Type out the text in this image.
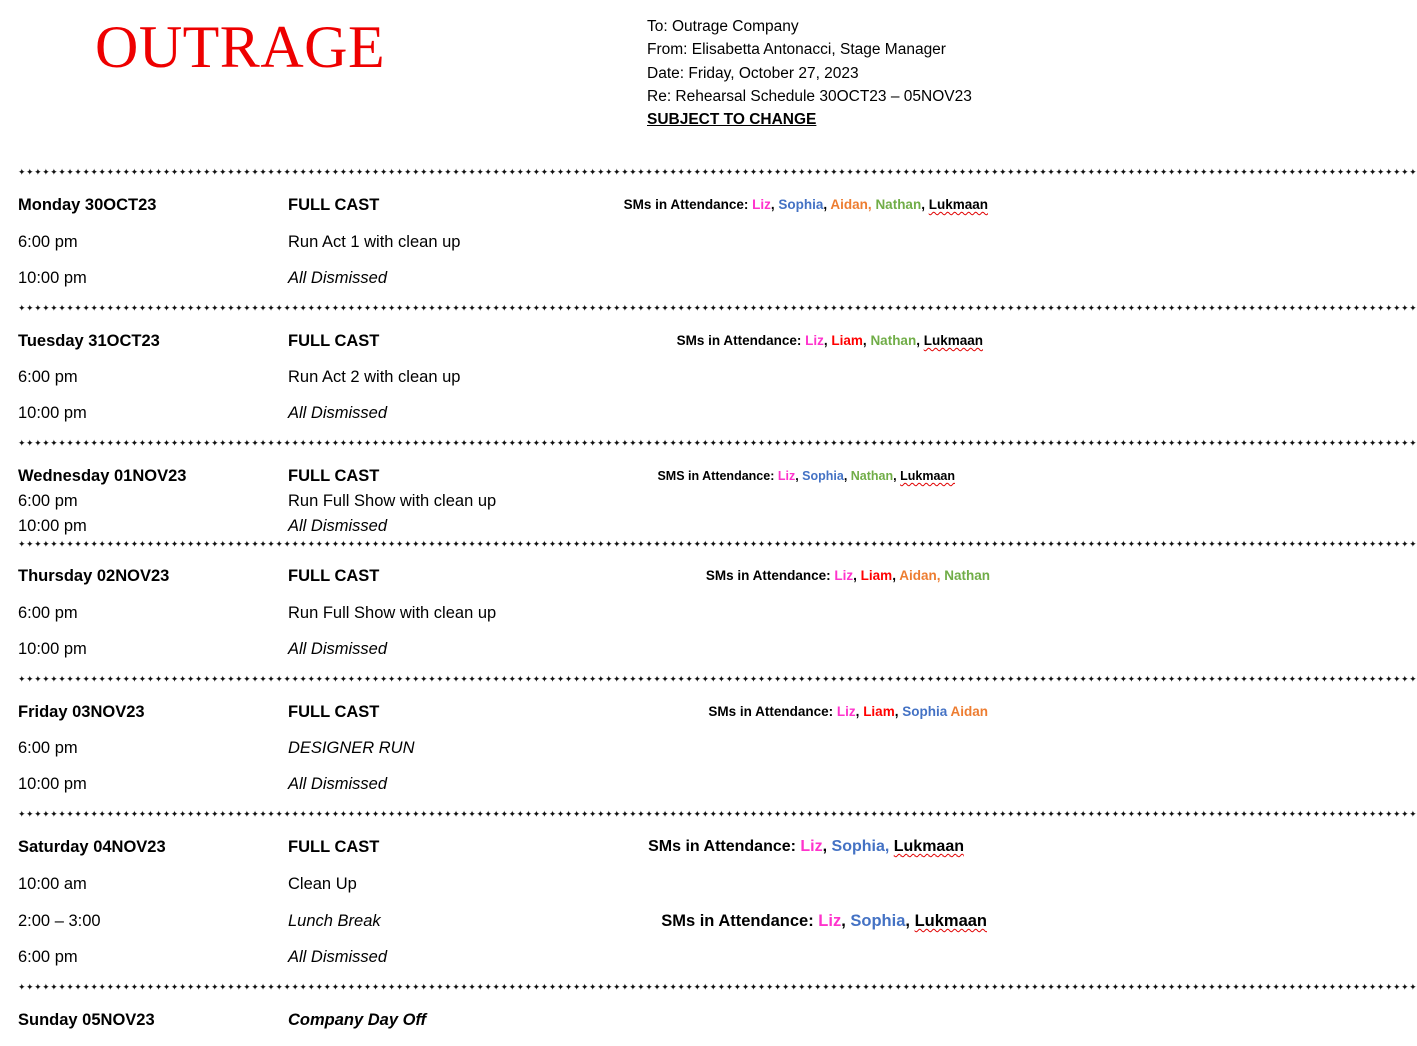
OUTRAGE	To: Outrage Company
From: Elisabetta Antonacci, Stage Manager
Date: Friday, October 27, 2023
Re: Rehearsal Schedule 30OCT23 – 05NOV23
SUBJECT TO CHANGE
✦✦✦✦✦✦✦✦✦✦✦✦✦✦✦✦✦✦✦✦✦✦✦✦✦✦✦✦✦✦✦✦✦✦✦✦✦✦✦✦✦✦✦✦✦✦✦✦✦✦✦✦✦✦✦✦✦✦✦✦✦✦✦✦✦✦✦✦✦✦✦✦✦✦✦✦✦✦✦✦✦✦✦✦✦✦✦✦✦✦✦✦✦✦✦✦✦✦✦✦✦✦✦✦✦✦✦✦✦✦✦✦✦✦✦✦✦✦✦✦✦✦✦✦✦✦✦✦✦✦✦✦✦✦✦✦✦✦✦✦✦✦✦✦✦✦✦✦✦✦✦✦✦✦✦✦✦✦✦✦✦✦✦✦✦✦✦✦✦✦✦✦✦✦
Monday 30OCT23	FULL CAST	SMs in Attendance: Liz, Sophia, Aidan, Nathan, Lukmaan
6:00 pm	Run Act 1 with clean up
10:00 pm	All Dismissed
✦✦✦✦✦✦✦✦✦✦✦✦✦✦✦✦✦✦✦✦✦✦✦✦✦✦✦✦✦✦✦✦✦✦✦✦✦✦✦✦✦✦✦✦✦✦✦✦✦✦✦✦✦✦✦✦✦✦✦✦✦✦✦✦✦✦✦✦✦✦✦✦✦✦✦✦✦✦✦✦✦✦✦✦✦✦✦✦✦✦✦✦✦✦✦✦✦✦✦✦✦✦✦✦✦✦✦✦✦✦✦✦✦✦✦✦✦✦✦✦✦✦✦✦✦✦✦✦✦✦✦✦✦✦✦✦✦✦✦✦✦✦✦✦✦✦✦✦✦✦✦✦✦✦✦✦✦✦✦✦✦✦✦✦✦✦✦✦✦✦✦✦✦✦
Tuesday 31OCT23	FULL CAST	SMs in Attendance: Liz, Liam, Nathan, Lukmaan
6:00 pm	Run Act 2 with clean up
10:00 pm	All Dismissed
✦✦✦✦✦✦✦✦✦✦✦✦✦✦✦✦✦✦✦✦✦✦✦✦✦✦✦✦✦✦✦✦✦✦✦✦✦✦✦✦✦✦✦✦✦✦✦✦✦✦✦✦✦✦✦✦✦✦✦✦✦✦✦✦✦✦✦✦✦✦✦✦✦✦✦✦✦✦✦✦✦✦✦✦✦✦✦✦✦✦✦✦✦✦✦✦✦✦✦✦✦✦✦✦✦✦✦✦✦✦✦✦✦✦✦✦✦✦✦✦✦✦✦✦✦✦✦✦✦✦✦✦✦✦✦✦✦✦✦✦✦✦✦✦✦✦✦✦✦✦✦✦✦✦✦✦✦✦✦✦✦✦✦✦✦✦✦✦✦✦✦✦✦✦
Wednesday 01NOV23	FULL CAST	SMS in Attendance: Liz, Sophia, Nathan, Lukmaan
6:00 pm	Run Full Show with clean up
10:00 pm	All Dismissed
✦✦✦✦✦✦✦✦✦✦✦✦✦✦✦✦✦✦✦✦✦✦✦✦✦✦✦✦✦✦✦✦✦✦✦✦✦✦✦✦✦✦✦✦✦✦✦✦✦✦✦✦✦✦✦✦✦✦✦✦✦✦✦✦✦✦✦✦✦✦✦✦✦✦✦✦✦✦✦✦✦✦✦✦✦✦✦✦✦✦✦✦✦✦✦✦✦✦✦✦✦✦✦✦✦✦✦✦✦✦✦✦✦✦✦✦✦✦✦✦✦✦✦✦✦✦✦✦✦✦✦✦✦✦✦✦✦✦✦✦✦✦✦✦✦✦✦✦✦✦✦✦✦✦✦✦✦✦✦✦✦✦✦✦✦✦✦✦✦✦✦✦✦✦
Thursday 02NOV23	FULL CAST	SMs in Attendance: Liz, Liam, Aidan, Nathan
6:00 pm	Run Full Show with clean up
10:00 pm	All Dismissed
✦✦✦✦✦✦✦✦✦✦✦✦✦✦✦✦✦✦✦✦✦✦✦✦✦✦✦✦✦✦✦✦✦✦✦✦✦✦✦✦✦✦✦✦✦✦✦✦✦✦✦✦✦✦✦✦✦✦✦✦✦✦✦✦✦✦✦✦✦✦✦✦✦✦✦✦✦✦✦✦✦✦✦✦✦✦✦✦✦✦✦✦✦✦✦✦✦✦✦✦✦✦✦✦✦✦✦✦✦✦✦✦✦✦✦✦✦✦✦✦✦✦✦✦✦✦✦✦✦✦✦✦✦✦✦✦✦✦✦✦✦✦✦✦✦✦✦✦✦✦✦✦✦✦✦✦✦✦✦✦✦✦✦✦✦✦✦✦✦✦✦✦✦✦
Friday 03NOV23	FULL CAST	SMs in Attendance: Liz, Liam, Sophia Aidan
6:00 pm	DESIGNER RUN
10:00 pm	All Dismissed
✦✦✦✦✦✦✦✦✦✦✦✦✦✦✦✦✦✦✦✦✦✦✦✦✦✦✦✦✦✦✦✦✦✦✦✦✦✦✦✦✦✦✦✦✦✦✦✦✦✦✦✦✦✦✦✦✦✦✦✦✦✦✦✦✦✦✦✦✦✦✦✦✦✦✦✦✦✦✦✦✦✦✦✦✦✦✦✦✦✦✦✦✦✦✦✦✦✦✦✦✦✦✦✦✦✦✦✦✦✦✦✦✦✦✦✦✦✦✦✦✦✦✦✦✦✦✦✦✦✦✦✦✦✦✦✦✦✦✦✦✦✦✦✦✦✦✦✦✦✦✦✦✦✦✦✦✦✦✦✦✦✦✦✦✦✦✦✦✦✦✦✦✦✦
Saturday 04NOV23	FULL CAST	SMs in Attendance: Liz, Sophia, Lukmaan
10:00 am	Clean Up
2:00 – 3:00	Lunch Break	SMs in Attendance: Liz, Sophia, Lukmaan
6:00 pm	All Dismissed
✦✦✦✦✦✦✦✦✦✦✦✦✦✦✦✦✦✦✦✦✦✦✦✦✦✦✦✦✦✦✦✦✦✦✦✦✦✦✦✦✦✦✦✦✦✦✦✦✦✦✦✦✦✦✦✦✦✦✦✦✦✦✦✦✦✦✦✦✦✦✦✦✦✦✦✦✦✦✦✦✦✦✦✦✦✦✦✦✦✦✦✦✦✦✦✦✦✦✦✦✦✦✦✦✦✦✦✦✦✦✦✦✦✦✦✦✦✦✦✦✦✦✦✦✦✦✦✦✦✦✦✦✦✦✦✦✦✦✦✦✦✦✦✦✦✦✦✦✦✦✦✦✦✦✦✦✦✦✦✦✦✦✦✦✦✦✦✦✦✦✦✦✦✦
Sunday 05NOV23	Company Day Off
